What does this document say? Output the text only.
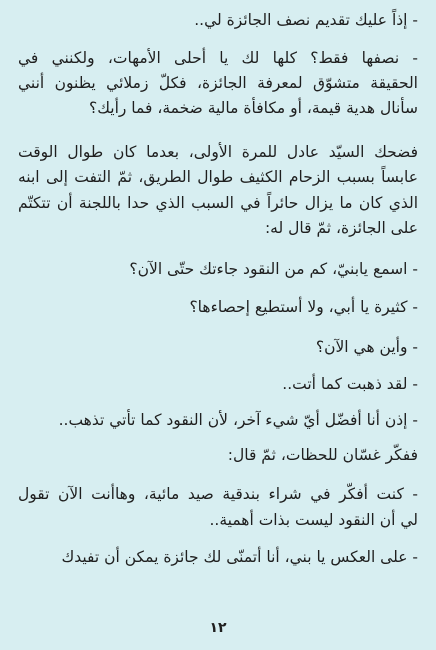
- إذاً عليك تقديم نصف الجائزة لي..
- نصفها فقط؟ كلها لك يا أحلى الأمهات، ولكنني في
الحقيقة متشوّق لمعرفة الجائزة، فكلّ زملائي يظنون أنني
سأنال هدية قيمة، أو مكافأة مالية ضخمة، فما رأيك؟
فضحك السيّد عادل للمرة الأولى، بعدما كان طوال الوقت
عابساً بسبب الزحام الكثيف طوال الطريق، ثمّ التفت إلى ابنه
الذي كان ما يزال حائراً في السبب الذي حدا باللجنة أن تتكتّم
على الجائزة، ثمّ قال له:
- اسمع يابنيّ، كم من النقود جاءتك حتّى الآن؟
- كثيرة يا أبي، ولا أستطيع إحصاءها؟
- وأين هي الآن؟
- لقد ذهبت كما أتت..
- إذن أنا أفضّل أيّ شيء آخر، لأن النقود كما تأتي تذهب..
ففكّر غسّان للحظات، ثمّ قال:
- كنت أفكّر في شراء بندقية صيد مائية، وهاأنت الآن تقول
لي أن النقود ليست بذات أهمية..
- على العكس يا بني، أنا أتمنّى لك جائزة يمكن أن تفيدك
١٢
